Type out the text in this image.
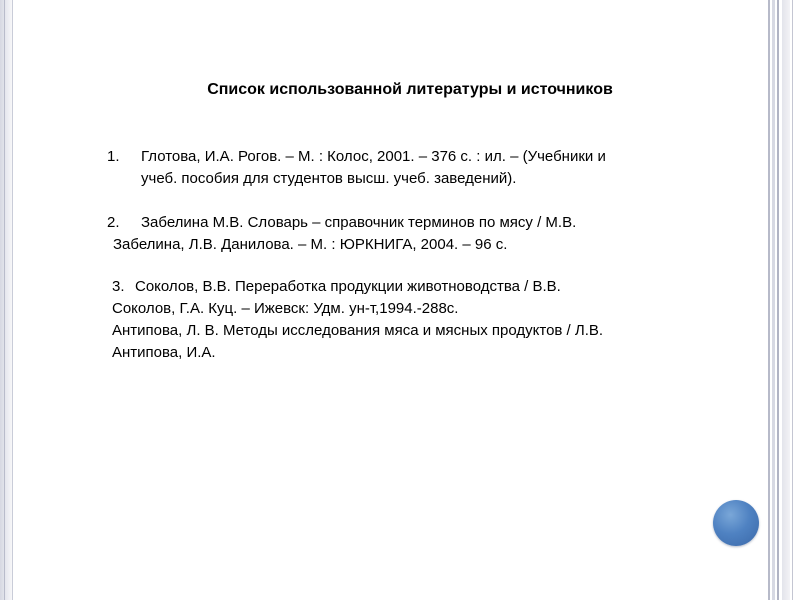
Список использованной литературы и источников
1. Глотова, И.А. Рогов. – М. : Колос, 2001. – 376 с. : ил. – (Учебники и
учеб. пособия для студентов высш. учеб. заведений).
2. Забелина М.В. Словарь – справочник терминов по мясу / М.В.
Забелина, Л.В. Данилова. – М. : ЮРКНИГА, 2004. – 96 с.
3. Соколов, В.В. Переработка продукции животноводства / В.В.
Соколов, Г.А. Куц. – Ижевск: Удм. ун-т,1994.-288с.
Антипова, Л. В. Методы исследования мяса и мясных продуктов / Л.В.
Антипова, И.А.
